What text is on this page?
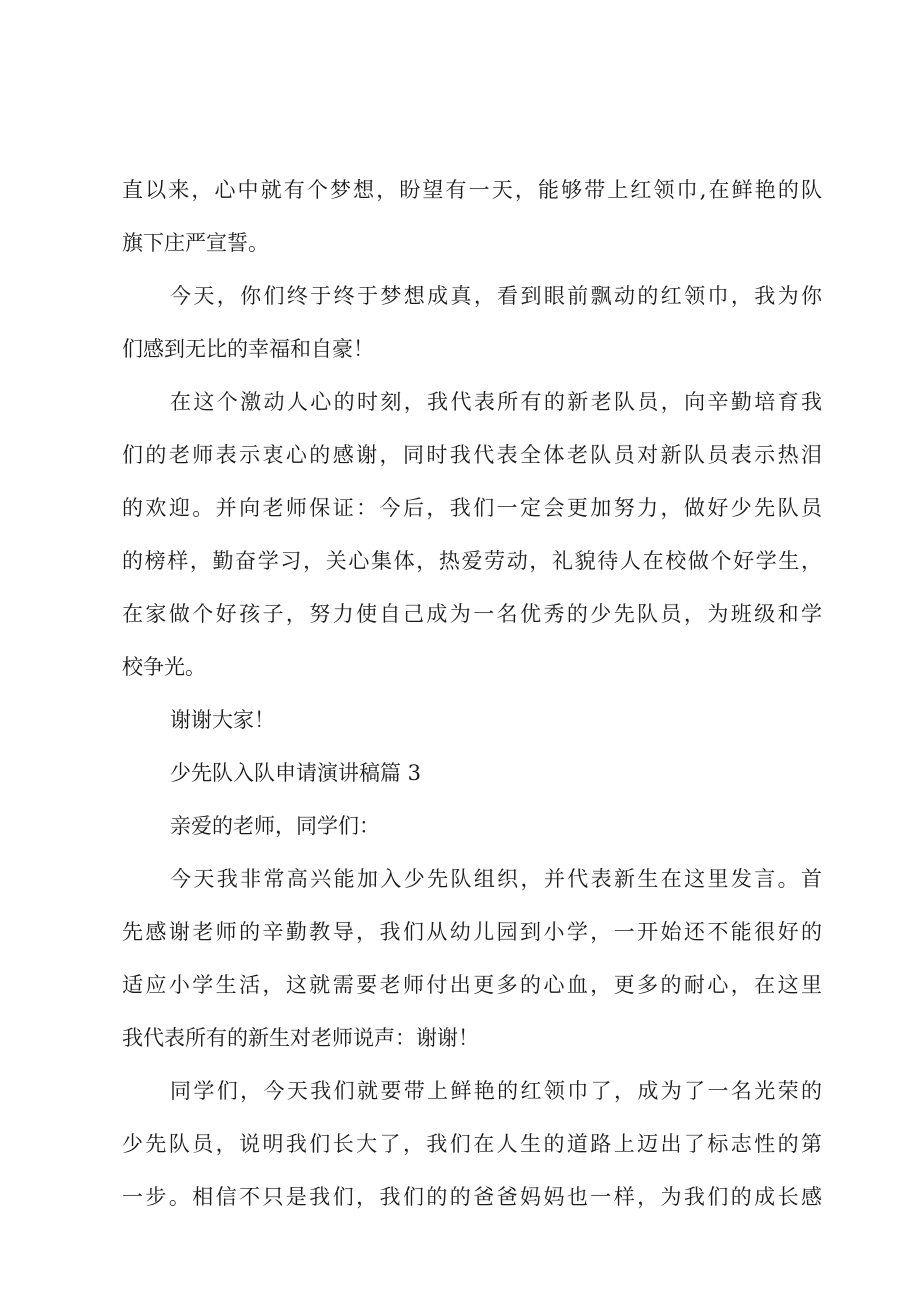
直以来，心中就有个梦想，盼望有一天，能够带上红领巾,在鲜艳的队
旗下庄严宣誓。
今天，你们终于终于梦想成真，看到眼前飘动的红领巾，我为你
们感到无比的幸福和自豪！
在这个激动人心的时刻，我代表所有的新老队员，向辛勤培育我
们的老师表示衷心的感谢，同时我代表全体老队员对新队员表示热泪
的欢迎。并向老师保证：今后，我们一定会更加努力，做好少先队员
的榜样，勤奋学习，关心集体，热爱劳动，礼貌待人在校做个好学生，
在家做个好孩子，努力使自己成为一名优秀的少先队员，为班级和学
校争光。
谢谢大家！
少先队入队申请演讲稿篇 3
亲爱的老师，同学们：
今天我非常高兴能加入少先队组织，并代表新生在这里发言。首
先感谢老师的辛勤教导，我们从幼儿园到小学，一开始还不能很好的
适应小学生活，这就需要老师付出更多的心血，更多的耐心，在这里
我代表所有的新生对老师说声：谢谢！
同学们，今天我们就要带上鲜艳的红领巾了，成为了一名光荣的
少先队员，说明我们长大了，我们在人生的道路上迈出了标志性的第
一步。相信不只是我们，我们的的爸爸妈妈也一样，为我们的成长感
